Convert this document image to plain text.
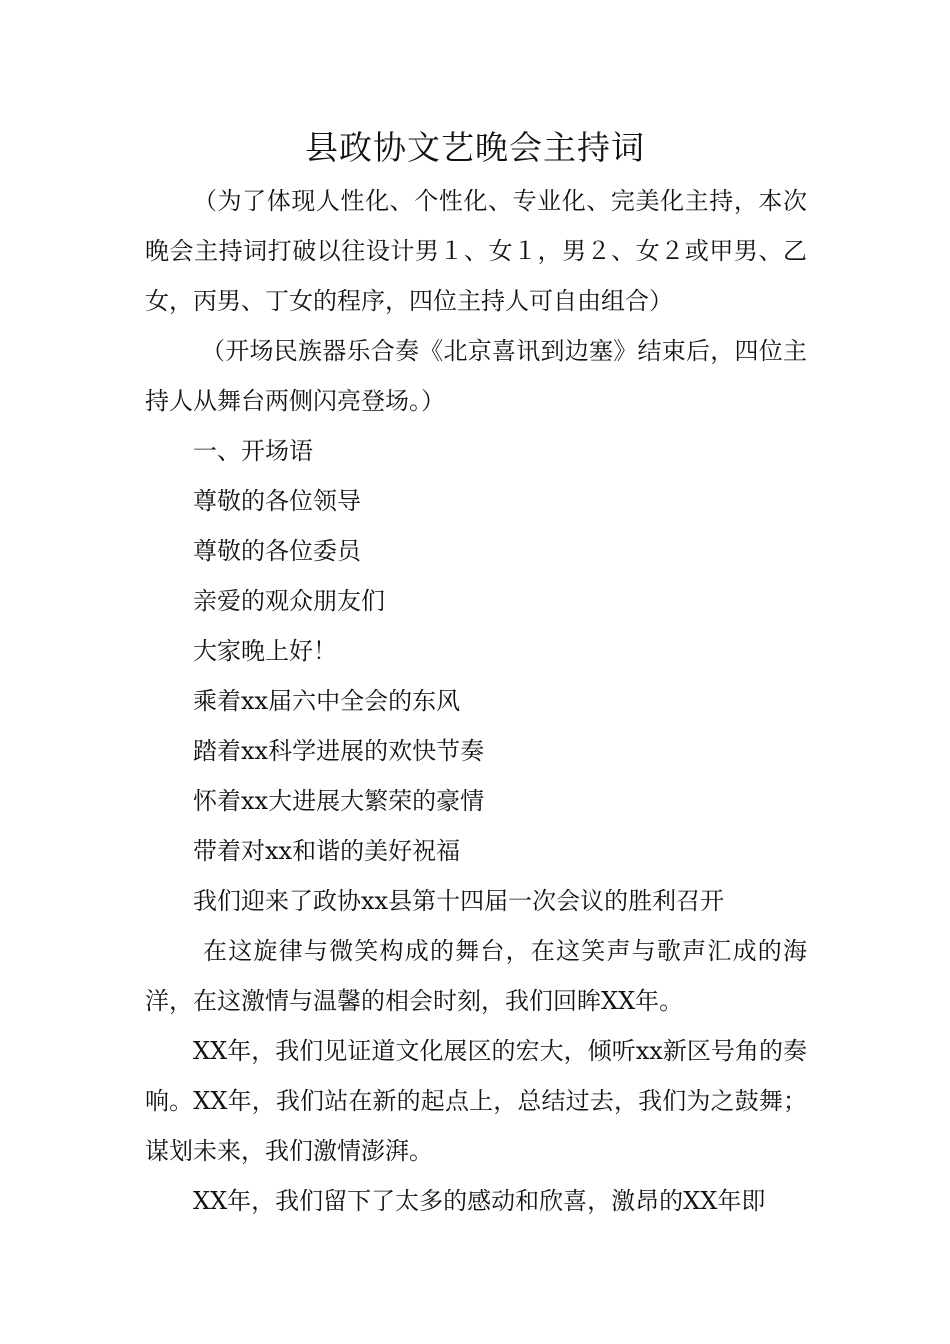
县政协文艺晚会主持词

（为了体现人性化、个性化、专业化、完美化主持，本次晚会主持词打破以往设计男１、女１，男２、女２或甲男、乙女，丙男、丁女的程序，四位主持人可自由组合）

（开场民族器乐合奏《北京喜讯到边塞》结束后，四位主持人从舞台两侧闪亮登场。）

一、开场语

尊敬的各位领导

尊敬的各位委员

亲爱的观众朋友们

大家晚上好！

乘着xx届六中全会的东风

踏着xx科学进展的欢快节奏

怀着xx大进展大繁荣的豪情

带着对xx和谐的美好祝福

我们迎来了政协xx县第十四届一次会议的胜利召开

在这旋律与微笑构成的舞台，在这笑声与歌声汇成的海洋，在这激情与温馨的相会时刻，我们回眸XX年。

XX年，我们见证道文化展区的宏大，倾听xx新区号角的奏响。XX年，我们站在新的起点上，总结过去，我们为之鼓舞；谋划未来，我们激情澎湃。

XX年，我们留下了太多的感动和欣喜，激昂的XX年即
